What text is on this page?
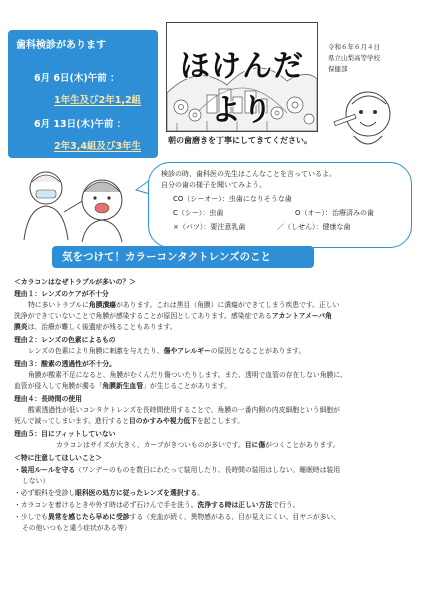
歯科検診があります
6月 6日(木)午前 ：
1年生及び2年1,2組
6月 13日(木)午前 ：
2年3,4組及び3年生
ほけんだより
令和６年６月４日
県立山梨高等学校
保健部
朝の歯磨きを丁寧にしてきてください。
検診の時、歯科医の先生はこんなことを言っているよ。
自分の歯の様子を聞いてみよう。
CO（シーオー）：虫歯になりそうな歯
C（シー）：虫歯	O（オー）：治療済みの歯
×（バツ）：要注意乳歯	／（しせん）：健康な歯
気をつけて！カラーコンタクトレンズのこと
＜カラコンはなぜトラブルが多いの？＞
理由１：レンズのケアが不十分
特に多いトラブルに角膜潰瘍があります。これは黒目（角膜）に潰瘍ができてしまう疾患です。正しい
洗浄ができていないことで角膜が感染することが原因としてあります。感染症であるアカントアメーバ角
膜炎は、治療が難しく後遺症が残ることもあります。
理由２：レンズの色素によるもの
レンズの色素により角膜に刺激を与えたり、傷やアレルギーの原因となることがあります。
理由３：酸素の透過性が不十分。
角膜が酸素不足になると、角膜がむくんだり傷ついたりします。また、透明で血管の存在しない角膜に、
血管が侵入して角膜が濁る「角膜新生血管」が生じることがあります。
理由４：長時間の使用
酸素透過性が低いコンタクトレンズを長時間使用することで、角膜の一番内側の内皮細胞という細胞が
死んで減ってしまいます。進行すると目のかすみや視力低下を起こします。
理由５：目にフィットしていない
カラコンはサイズが大きく、カーブがきついものが多いです。目に傷がつくことがあります。
＜特に注意してほしいこと＞
・装用ルールを守る（ワンデーのものを数日にわたって装用したり、長時間の装用はしない。睡眠時は装用
しない）
・必ず眼科を受診し眼科医の処方に従ったレンズを選択する。
・カラコンを着けるときや外す時は必ず石けんで手を洗う。洗浄する時は正しい方法で行う。
・少しでも異常を感じたら早めに受診する（充血が続く、異物感がある、目が見えにくい、目ヤニが多い、
その他いつもと違う症状がある等）
